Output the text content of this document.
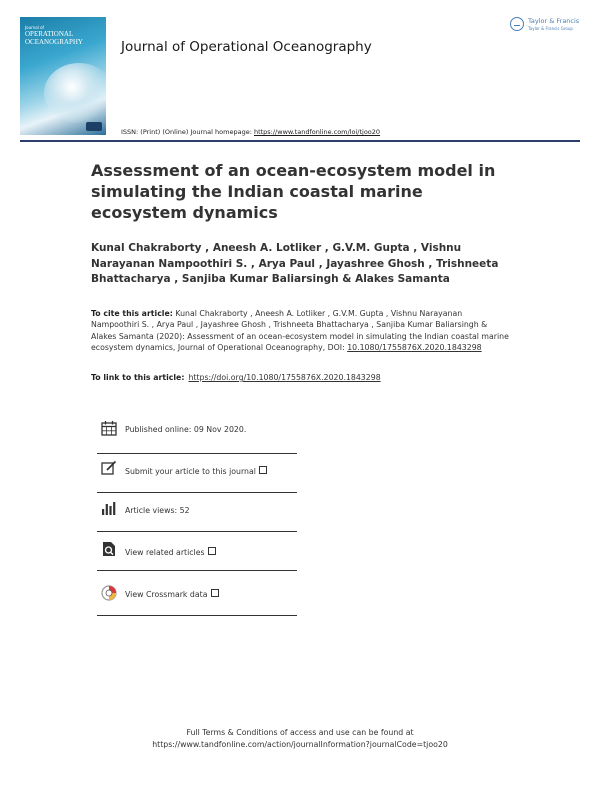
Journal of
OPERATIONAL OCEANOGRAPHY	Journal of Operational Oceanography
Taylor & Francis
Taylor & Francis Group
ISSN: (Print) (Online) Journal homepage: https://www.tandfonline.com/loi/tjoo20
Assessment of an ocean-ecosystem model in simulating the Indian coastal marine ecosystem dynamics
Kunal Chakraborty , Aneesh A. Lotliker , G.V.M. Gupta , Vishnu Narayanan Nampoothiri S. , Arya Paul , Jayashree Ghosh , Trishneeta Bhattacharya , Sanjiba Kumar Baliarsingh & Alakes Samanta
To cite this article: Kunal Chakraborty , Aneesh A. Lotliker , G.V.M. Gupta , Vishnu Narayanan Nampoothiri S. , Arya Paul , Jayashree Ghosh , Trishneeta Bhattacharya , Sanjiba Kumar Baliarsingh & Alakes Samanta (2020): Assessment of an ocean-ecosystem model in simulating the Indian coastal marine ecosystem dynamics, Journal of Operational Oceanography, DOI: 10.1080/1755876X.2020.1843298
To link to this article: https://doi.org/10.1080/1755876X.2020.1843298
Published online: 09 Nov 2020.
Submit your article to this journal
Article views: 52
View related articles
View Crossmark data
Full Terms & Conditions of access and use can be found at
https://www.tandfonline.com/action/journalInformation?journalCode=tjoo20
